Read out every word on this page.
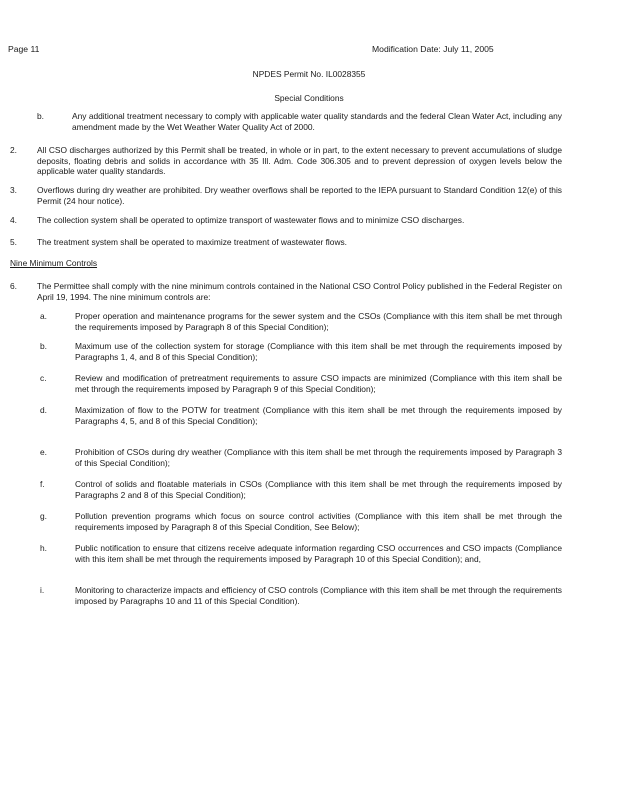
Page 11	Modification Date: July 11, 2005
NPDES Permit No. IL0028355
Special Conditions
b.	Any additional treatment necessary to comply with applicable water quality standards and the federal Clean Water Act, including any amendment made by the Wet Weather Water Quality Act of 2000.
2. All CSO discharges authorized by this Permit shall be treated, in whole or in part, to the extent necessary to prevent accumulations of sludge deposits, floating debris and solids in accordance with 35 Ill. Adm. Code 306.305 and to prevent depression of oxygen levels below the applicable water quality standards.
3. Overflows during dry weather are prohibited. Dry weather overflows shall be reported to the IEPA pursuant to Standard Condition 12(e) of this Permit (24 hour notice).
4. The collection system shall be operated to optimize transport of wastewater flows and to minimize CSO discharges.
5. The treatment system shall be operated to maximize treatment of wastewater flows.
Nine Minimum Controls
6. The Permittee shall comply with the nine minimum controls contained in the National CSO Control Policy published in the Federal Register on April 19, 1994. The nine minimum controls are:
a.	Proper operation and maintenance programs for the sewer system and the CSOs (Compliance with this item shall be met through the requirements imposed by Paragraph 8 of this Special Condition);
b.	Maximum use of the collection system for storage (Compliance with this item shall be met through the requirements imposed by Paragraphs 1, 4, and 8 of this Special Condition);
c.	Review and modification of pretreatment requirements to assure CSO impacts are minimized (Compliance with this item shall be met through the requirements imposed by Paragraph 9 of this Special Condition);
d.	Maximization of flow to the POTW for treatment (Compliance with this item shall be met through the requirements imposed by Paragraphs 4, 5, and 8 of this Special Condition);
e.	Prohibition of CSOs during dry weather (Compliance with this item shall be met through the requirements imposed by Paragraph 3 of this Special Condition);
f.	Control of solids and floatable materials in CSOs (Compliance with this item shall be met through the requirements imposed by Paragraphs 2 and 8 of this Special Condition);
g.	Pollution prevention programs which focus on source control activities (Compliance with this item shall be met through the requirements imposed by Paragraph 8 of this Special Condition, See Below);
h.	Public notification to ensure that citizens receive adequate information regarding CSO occurrences and CSO impacts (Compliance with this item shall be met through the requirements imposed by Paragraph 10 of this Special Condition); and,
i.	Monitoring to characterize impacts and efficiency of CSO controls (Compliance with this item shall be met through the requirements imposed by Paragraphs 10 and 11 of this Special Condition).
